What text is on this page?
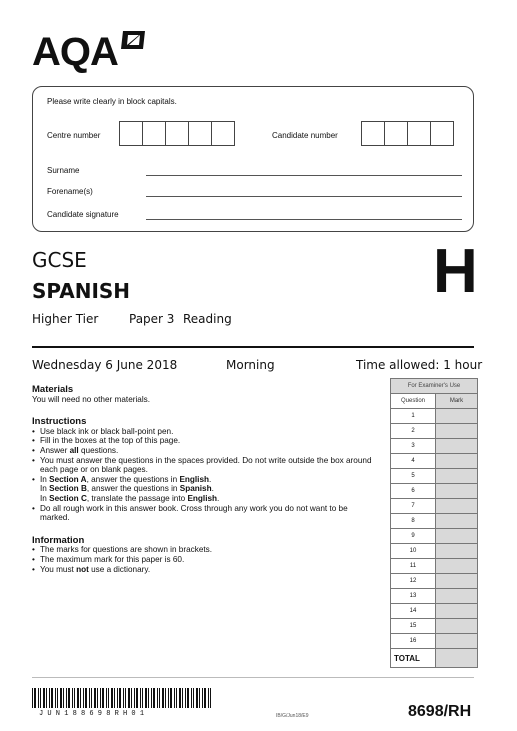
AQA
Please write clearly in block capitals.
Centre number	Candidate number
Surname
Forename(s)
Candidate signature
GCSE
SPANISH
Higher Tier	Paper 3 Reading
H
Wednesday 6 June 2018	Morning	Time allowed: 1 hour
Materials
You will need no other materials.
Instructions
• Use black ink or black ball-point pen.
• Fill in the boxes at the top of this page.
• Answer all questions.
• You must answer the questions in the spaces provided. Do not write outside the box around each page or on blank pages.
• In Section A, answer the questions in English.
In Section B, answer the questions in Spanish.
In Section C, translate the passage into English.
• Do all rough work in this answer book. Cross through any work you do not want to be marked.
Information
• The marks for questions are shown in brackets.
• The maximum mark for this paper is 60.
• You must not use a dictionary.
For Examiner's Use	
Question	Mark
1	
2	
3	
4	
5	
6	
7	
8	
9	
10	
11	
12	
13	
14	
15	
16	
TOTAL	
J U N 1 8 8 6 9 8 R H 0 1	IB/G/Jun18/E9	8698/RH
